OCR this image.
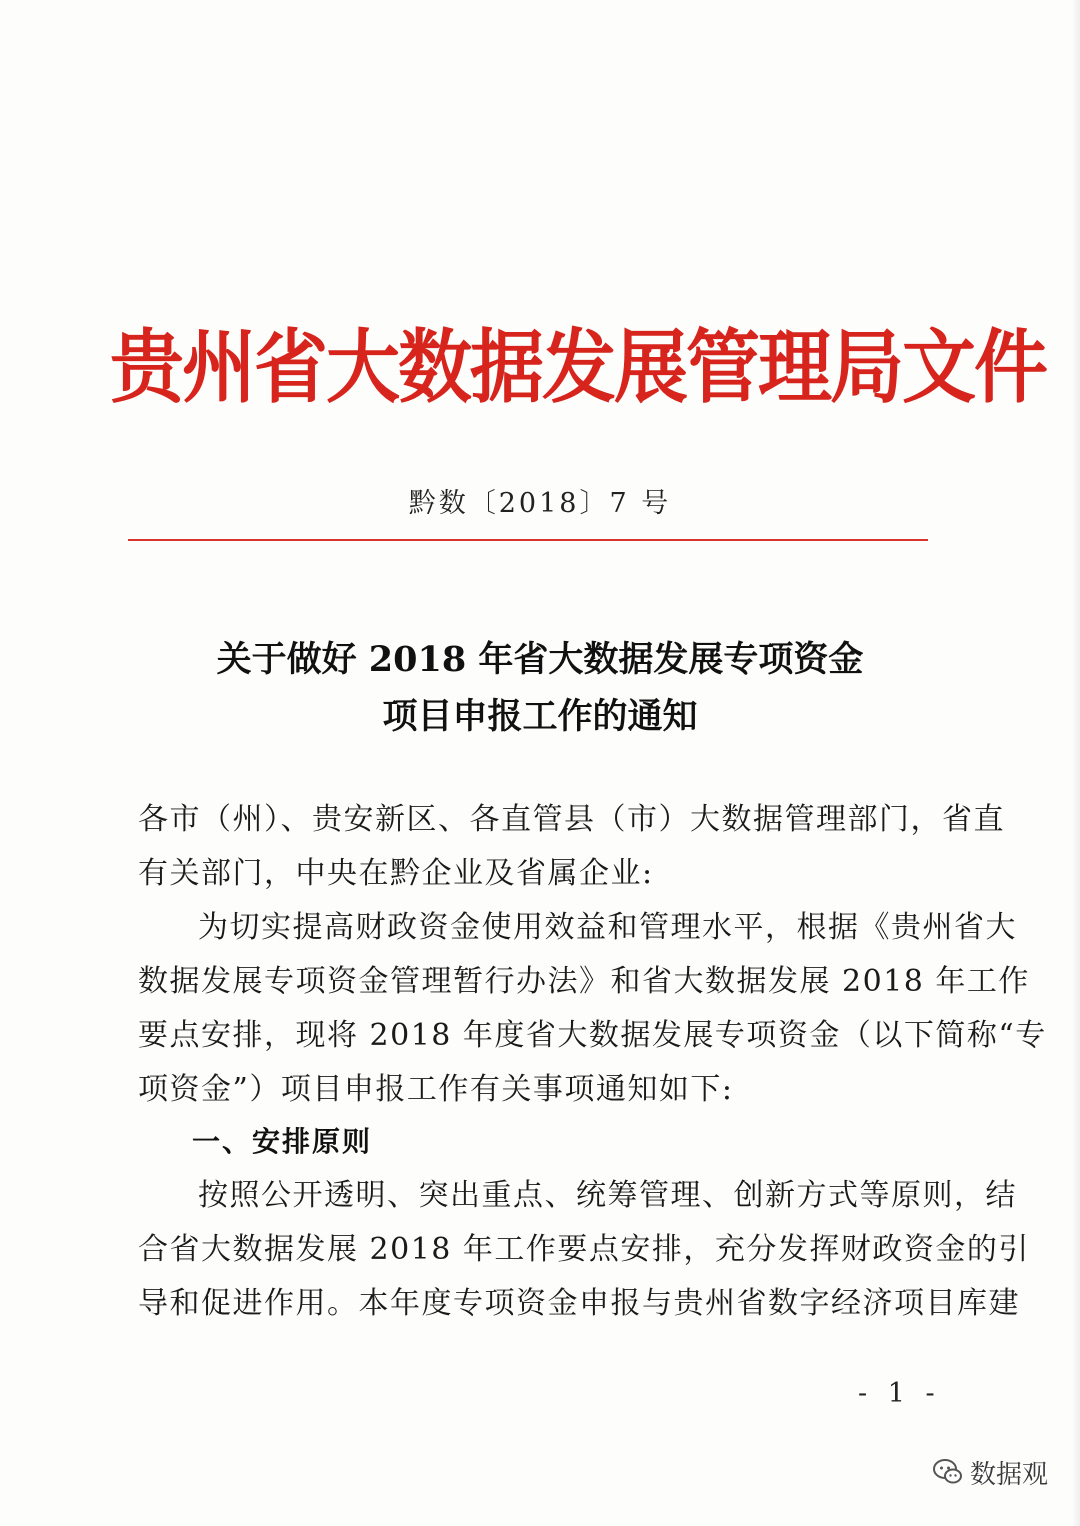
贵州省大数据发展管理局文件
黔数〔2018〕7 号
关于做好 2018 年省大数据发展专项资金
项目申报工作的通知
各市（州）、贵安新区、各直管县（市）大数据管理部门，省直
有关部门，中央在黔企业及省属企业:
为切实提高财政资金使用效益和管理水平，根据《贵州省大
数据发展专项资金管理暂行办法》和省大数据发展 2018 年工作
要点安排，现将 2018 年度省大数据发展专项资金（以下简称“专
项资金”）项目申报工作有关事项通知如下:
一、安排原则
按照公开透明、突出重点、统筹管理、创新方式等原则，结
合省大数据发展 2018 年工作要点安排，充分发挥财政资金的引
导和促进作用。本年度专项资金申报与贵州省数字经济项目库建
- 1 -
数据观
